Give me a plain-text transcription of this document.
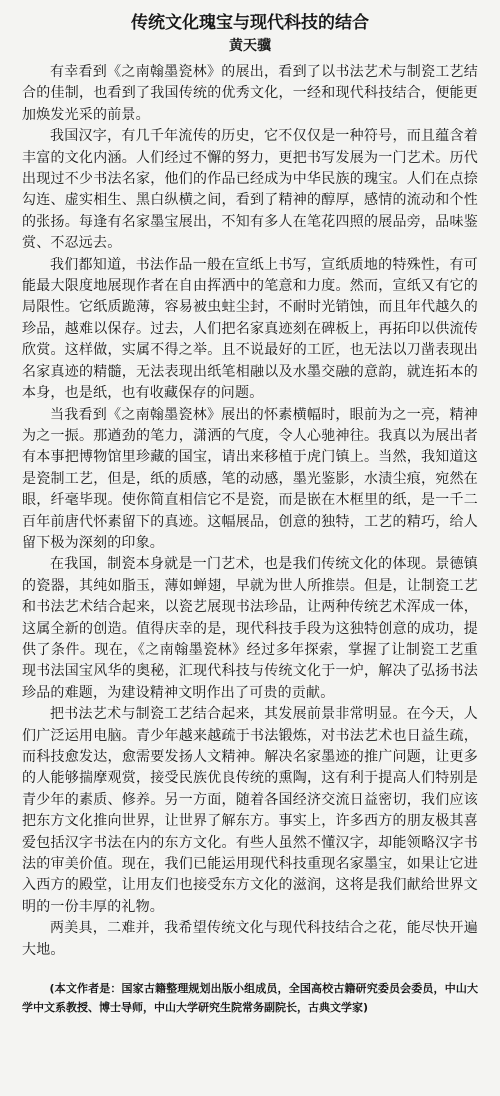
传统文化瑰宝与现代科技的结合
黄天骥

有幸看到《之南翰墨瓷林》的展出，看到了以书法艺术与制瓷工艺结合的佳制，也看到了我国传统的优秀文化，一经和现代科技结合，便能更加焕发光采的前景。

我国汉字，有几千年流传的历史，它不仅仅是一种符号，而且蕴含着丰富的文化内涵。人们经过不懈的努力，更把书写发展为一门艺术。历代出现过不少书法名家，他们的作品已经成为中华民族的瑰宝。人们在点捺勾连、虚实相生、黑白纵横之间，看到了精神的醇厚，感情的流动和个性的张扬。每逢有名家墨宝展出，不知有多人在笔花四照的展品旁，品味鉴赏、不忍远去。

我们都知道，书法作品一般在宣纸上书写，宣纸质地的特殊性，有可能最大限度地展现作者在自由挥洒中的笔意和力度。然而，宣纸又有它的局限性。它纸质跪薄，容易被虫蛀尘封，不耐时光销蚀，而且年代越久的珍品，越难以保存。过去，人们把名家真迹刻在碑板上，再拓印以供流传欣赏。这样做，实属不得之举。且不说最好的工匠，也无法以刀凿表现出名家真迹的精髓，无法表现出纸笔相融以及水墨交融的意韵，就连拓本的本身，也是纸，也有收藏保存的问题。

当我看到《之南翰墨瓷林》展出的怀素横幅时，眼前为之一亮，精神为之一振。那遒劲的笔力，潇洒的气度，令人心驰神往。我真以为展出者有本事把博物馆里珍藏的国宝，请出来移植于虎门镇上。当然，我知道这是瓷制工艺，但是，纸的质感，笔的动感，墨光鉴影，水渍尘痕，宛然在眼，纤毫毕现。使你简直相信它不是瓷，而是嵌在木框里的纸，是一千二百年前唐代怀素留下的真迹。这幅展品，创意的独特，工艺的精巧，给人留下极为深刻的印象。

在我国，制瓷本身就是一门艺术，也是我们传统文化的体现。景德镇的瓷器，其纯如脂玉，薄如蝉翅，早就为世人所推崇。但是，让制瓷工艺和书法艺术结合起来，以瓷艺展现书法珍品，让两种传统艺术浑成一体，这属全新的创造。值得庆幸的是，现代科技手段为这独特创意的成功，提供了条件。现在，《之南翰墨瓷林》经过多年探索，掌握了让制瓷工艺重现书法国宝风华的奥秘，汇现代科技与传统文化于一炉，解决了弘扬书法珍品的难题，为建设精神文明作出了可贵的贡献。

把书法艺术与制瓷工艺结合起来，其发展前景非常明显。在今天，人们广泛运用电脑。青少年越来越疏于书法锻炼，对书法艺术也日益生疏，而科技愈发达，愈需要发扬人文精神。解决名家墨迹的推广问题，让更多的人能够揣摩观赏，接受民族优良传统的熏陶，这有利于提高人们特别是青少年的素质、修养。另一方面，随着各国经济交流日益密切，我们应该把东方文化推向世界，让世界了解东方。事实上，许多西方的朋友极其喜爱包括汉字书法在内的东方文化。有些人虽然不懂汉字，却能领略汉字书法的审美价值。现在，我们已能运用现代科技重现名家墨宝，如果让它进入西方的殿堂，让用友们也接受东方文化的滋润，这将是我们献给世界文明的一份丰厚的礼物。

两美具，二难并，我希望传统文化与现代科技结合之花，能尽快开遍大地。

(本文作者是：国家古籍整理规划出版小组成员，全国高校古籍研究委员会委员，中山大学中文系教授、博士导师，中山大学研究生院常务副院长，古典文学家)
